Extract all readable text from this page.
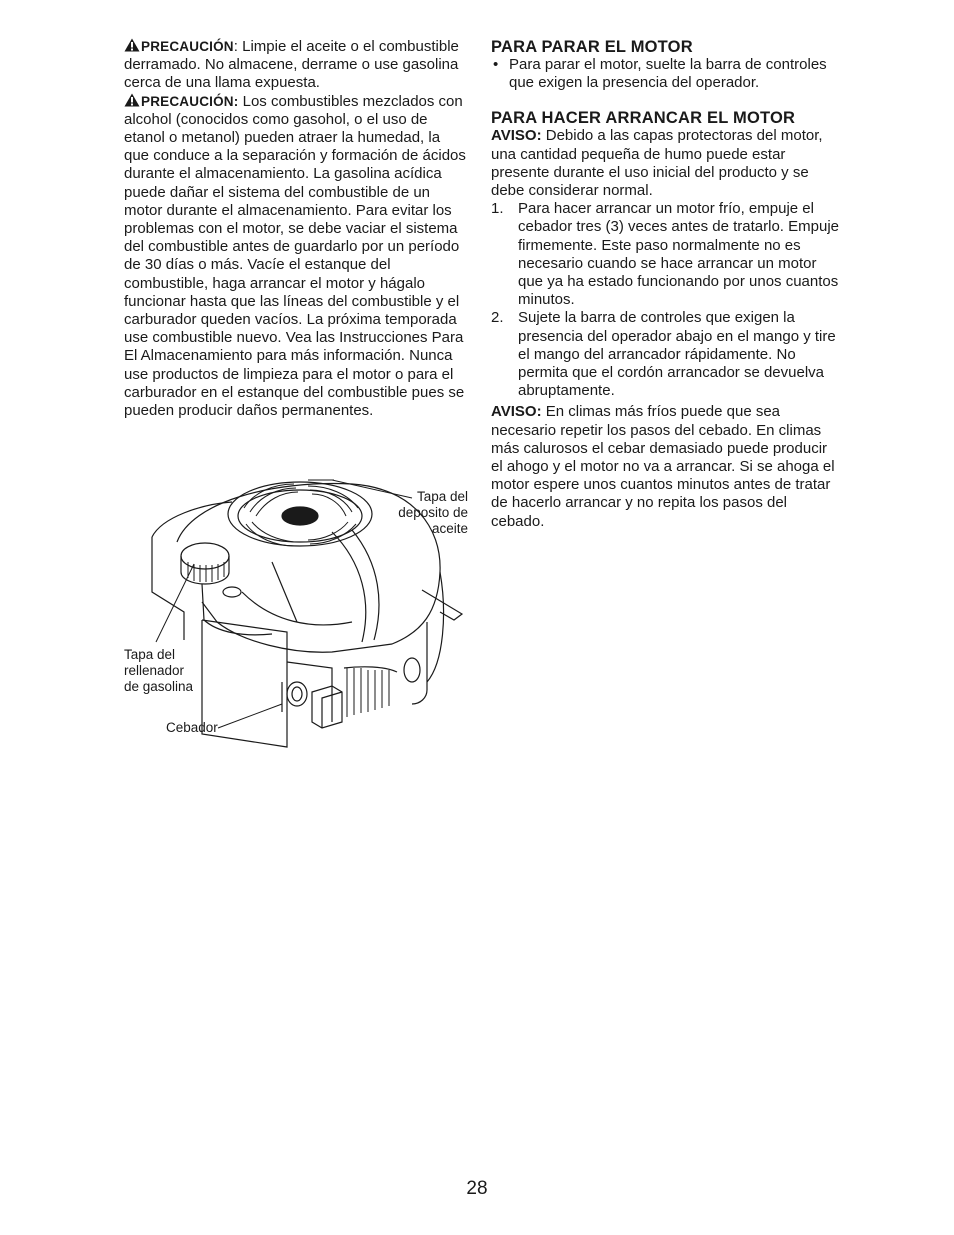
PRECAUCIÓN: Limpie el aceite o el combustible derramado. No almacene, derrame o use gasolina cerca de una llama expuesta.

PRECAUCIÓN: Los combustibles mezclados con alcohol (conocidos como gasohol, o el uso de etanol o metanol) pueden atraer la humedad, la que conduce a la separación y formación de ácidos durante el almacenamiento. La gasolina acídica puede dañar el sistema del combustible de un motor durante el almacenamiento. Para evitar los problemas con el motor, se debe vaciar el sistema del combustible antes de guardarlo por un período de 30 días o más. Vacíe el estanque del combustible, haga arrancar el motor y hágalo funcionar hasta que las líneas del combustible y el carburador queden vacíos. La próxima temporada use combustible nuevo. Vea las Instrucciones Para El Almacenamiento para más información. Nunca use productos de limpieza para el motor o para el carburador en el estanque del combustible pues se pueden producir daños permanentes.

Tapa del deposito de aceite
Tapa del rellenador de gasolina
Cebador
PARA PARAR EL MOTOR
• Para parar el motor, suelte la barra de controles que exigen la presencia del operador.
PARA HACER ARRANCAR EL MOTOR

AVISO: Debido a las capas protectoras del motor, una cantidad pequeña de humo puede estar presente durante el uso inicial del producto y se debe considerar normal.

1. Para hacer arrancar un motor frío, empuje el cebador tres (3) veces antes de tratarlo. Empuje firmemente. Este paso normalmente no es necesario cuando se hace arrancar un motor que ya ha estado funcionando por unos cuantos minutos.
2. Sujete la barra de controles que exigen la presencia del operador abajo en el mango y tire el mango del arrancador rápidamente. No permita que el cordón arrancador se devuelva abruptamente.

AVISO: En climas más fríos puede que sea necesario repetir los pasos del cebado. En climas más calurosos el cebar demasiado puede producir el ahogo y el motor no va a arrancar. Si se ahoga el motor espere unos cuantos minutos antes de tratar de hacerlo arrancar y no repita los pasos del cebado.

28
